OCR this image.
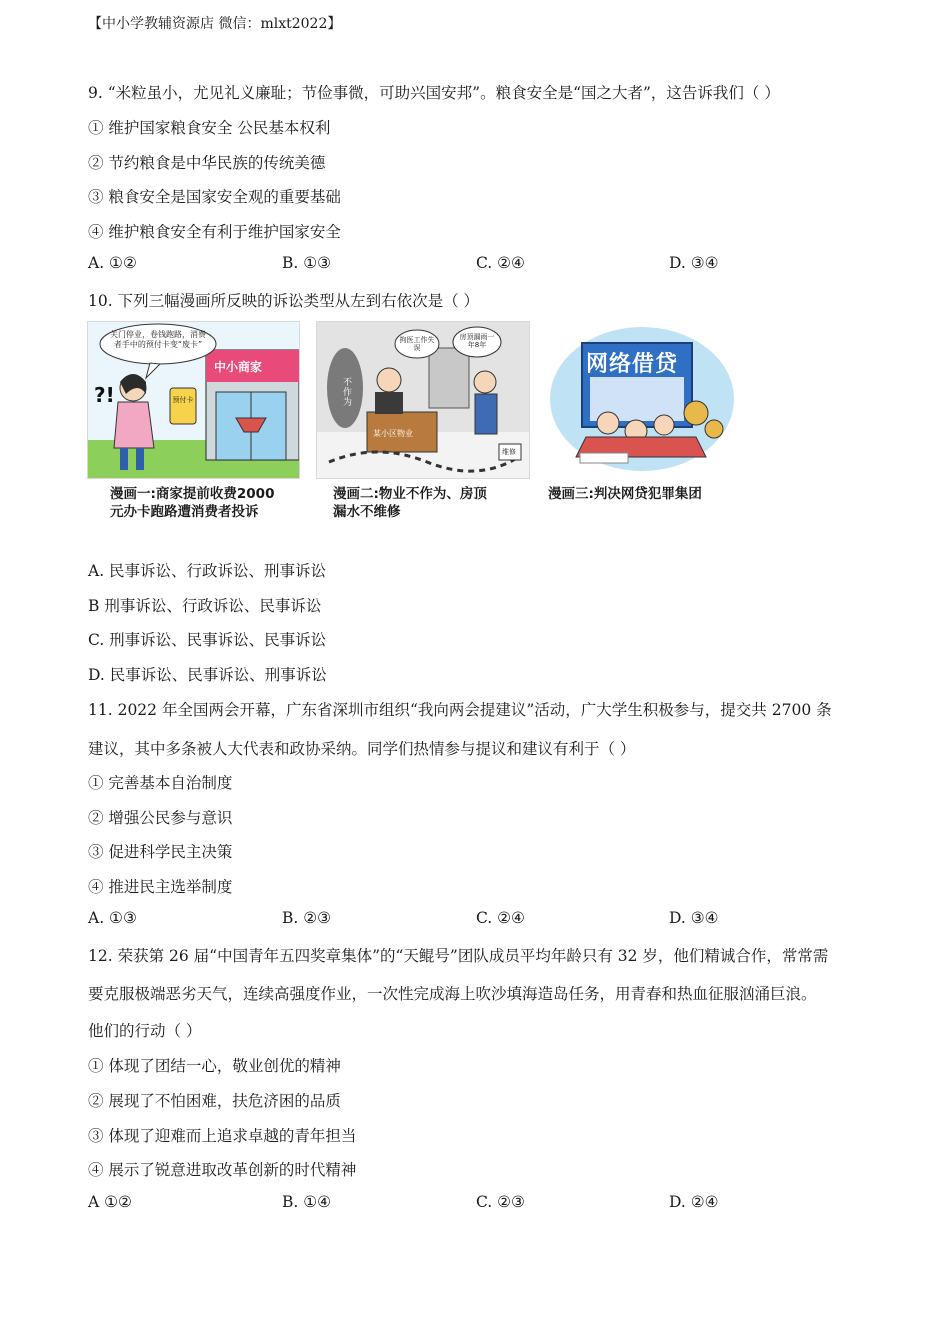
【中小学教辅资源店 微信：mlxt2022】
9. “米粒虽小，尤见礼义廉耻；节俭事微，可助兴国安邦”。粮食安全是“国之大者”，这告诉我们（ ）
① 维护国家粮食安全 公民基本权利
② 节约粮食是中华民族的传统美德
③ 粮食安全是国家安全观的重要基础
④ 维护粮食安全有利于维护国家安全
A. ①②	B. ①③	C. ②④	D. ③④
10. 下列三幅漫画所反映的诉讼类型从左到右依次是（ ）
?!
关门停业，卷钱跑路，消费者手中的预付卡变“废卡”
中小商家
预付卡
漫画一:商家提前收费2000
元办卡跑路遭消费者投诉
拘医工作失误
房顶漏雨一年8年
不作为
某小区物业
维修
漫画二:物业不作为、房顶
漏水不维修
网络借贷
漫画三:判决网贷犯罪集团
A. 民事诉讼、行政诉讼、刑事诉讼
B 刑事诉讼、行政诉讼、民事诉讼
C. 刑事诉讼、民事诉讼、民事诉讼
D. 民事诉讼、民事诉讼、刑事诉讼
11. 2022 年全国两会开幕，广东省深圳市组织“我向两会提建议”活动，广大学生积极参与，提交共 2700 条
建议，其中多条被人大代表和政协采纳。同学们热情参与提议和建议有利于（ ）
① 完善基本自治制度
② 增强公民参与意识
③ 促进科学民主决策
④ 推进民主选举制度
A. ①③	B. ②③	C. ②④	D. ③④
12. 荣获第 26 届“中国青年五四奖章集体”的“天鲲号”团队成员平均年龄只有 32 岁，他们精诚合作，常常需
要克服极端恶劣天气，连续高强度作业，一次性完成海上吹沙填海造岛任务，用青春和热血征服汹涌巨浪。
他们的行动（ ）
① 体现了团结一心，敬业创优的精神
② 展现了不怕困难，扶危济困的品质
③ 体现了迎难而上追求卓越的青年担当
④ 展示了锐意进取改革创新的时代精神
A ①②	B. ①④	C. ②③	D. ②④
